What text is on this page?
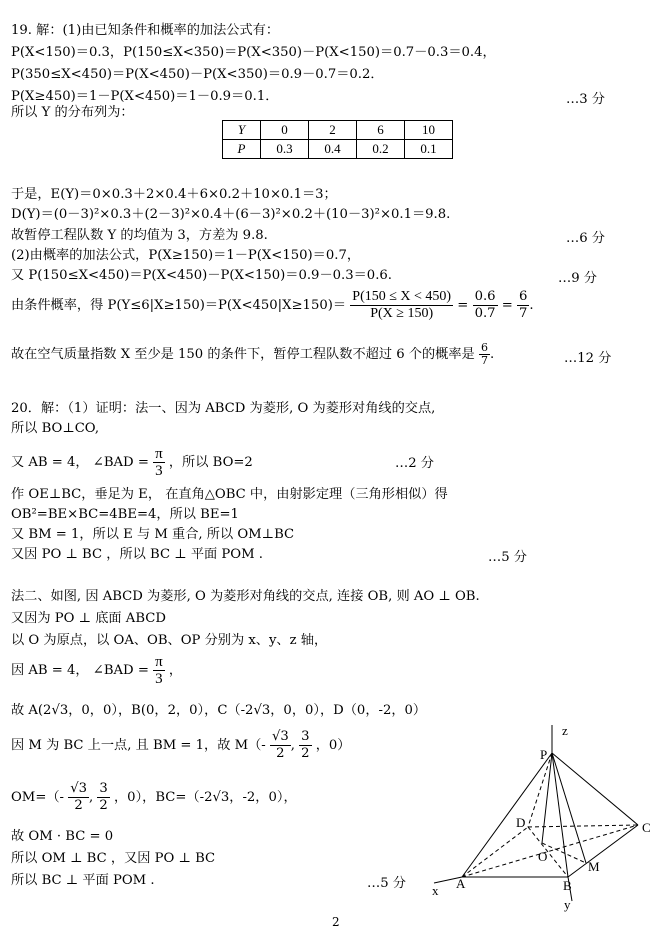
19. 解：(1)由已知条件和概率的加法公式有：
P(X<150)＝0.3，P(150≤X<350)＝P(X<350)－P(X<150)＝0.7－0.3＝0.4，
P(350≤X<450)＝P(X<450)－P(X<350)＝0.9－0.7＝0.2．
P(X≥450)＝1－P(X<450)＝1－0.9＝0.1．	…3 分
所以 Y 的分布列为：
Y	0	2	6	10
P	0.3	0.4	0.2	0.1
于是，E(Y)＝0×0.3＋2×0.4＋6×0.2＋10×0.1＝3；
D(Y)＝(0－3)²×0.3＋(2－3)²×0.4＋(6－3)²×0.2＋(10－3)²×0.1＝9.8.
故暂停工程队数 Y 的均值为 3，方差为 9.8.	…6 分
(2)由概率的加法公式，P(X≥150)＝1－P(X<150)＝0.7，
又 P(150≤X<450)＝P(X<450)－P(X<150)＝0.9－0.3＝0.6.	…9 分
由条件概率，得 $P(Y\le 6|X\ge 150)=P(X<450|X\ge 150)= \frac{P(150 \le X < 450)}{P(X \ge 150)} = \frac{0.6}{0.7} = \frac{6}{7}$ .
故在空气质量指数 X 至少是 150 的条件下，暂停工程队数不超过 6 个的概率是 $\frac{6}{7}$ .	…12 分
20．解：（1）证明：法一、因为 ABCD 为菱形, O 为菱形对角线的交点,
所以 BO⊥CO,
又 AB = 4， ∠BAD = $\frac{\pi}{3}$ ，所以 BO=2	…2 分
作 OE⊥BC，垂足为 E， 在直角△OBC 中，由射影定理（三角形相似）得
OB²=BE×BC=4BE=4，所以 BE=1
又 BM = 1，所以 E 与 M 重合, 所以 OM⊥BC
又因 PO ⊥ BC ，所以 BC ⊥ 平面 POM .	…5 分
法二、如图, 因 ABCD 为菱形, O 为菱形对角线的交点, 连接 OB, 则 AO ⊥ OB.
又因为 PO ⊥ 底面 ABCD
以 O 为原点，以 OA、OB、OP 分别为 x、y、z 轴，
因 AB = 4， ∠BAD = $\frac{\pi}{3}$ ，
故 A(2√3，0，0），B(0，2，0），C（-2√3，0，0），D（0，-2，0）
因 M 为 BC 上一点, 且 BM = 1，故 $M(- \frac{√3}{2}$ , $\frac{3}{2}$ ，0）
$OM=(- \frac{√3}{2}$ , $\frac{3}{2}$ ，0），BC=（-2√3，-2，0），
故 OM · BC = 0
所以 OM ⊥ BC ，又因 PO ⊥ BC
所以 BC ⊥ 平面 POM .	…5 分
P
A	B
C
D
O
M
x
y
z
2
